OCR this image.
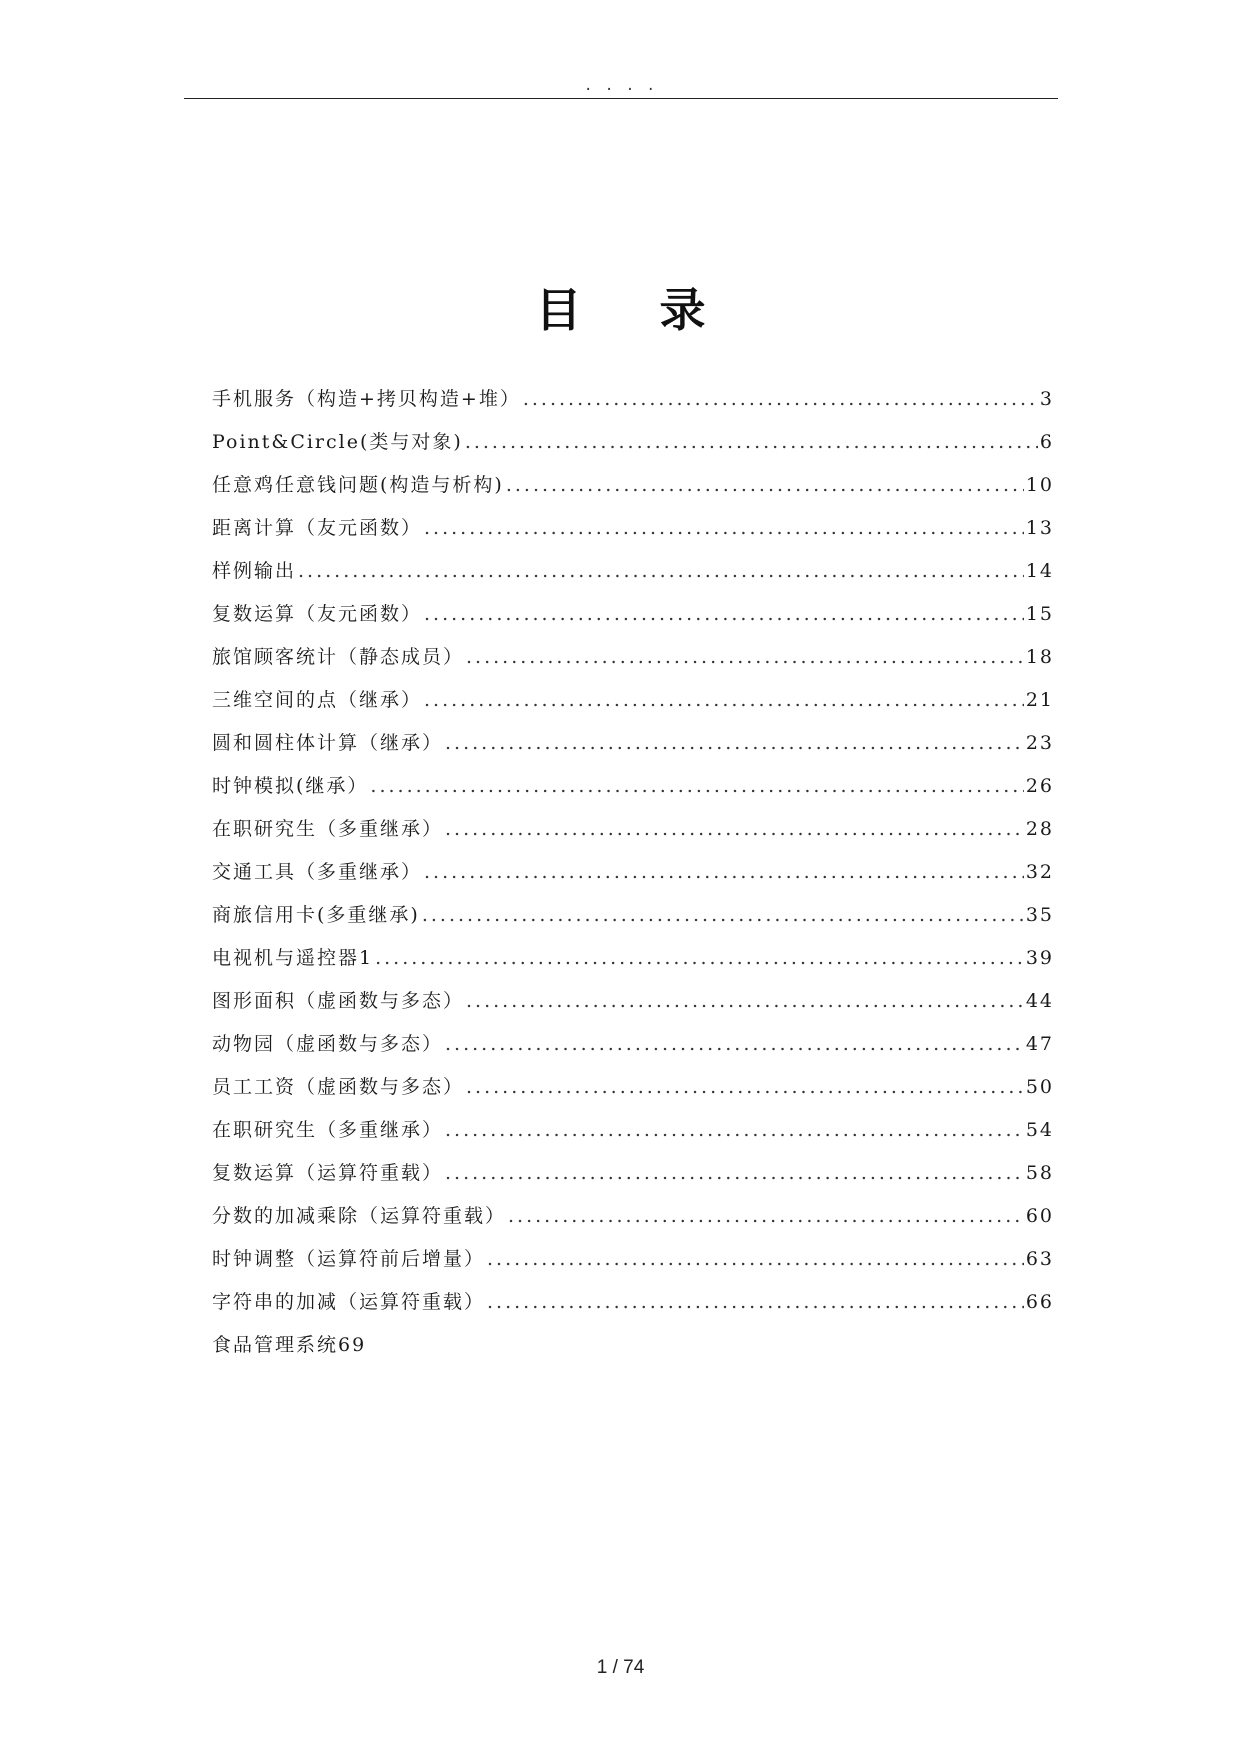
. . . .
目录
手机服务（构造+拷贝构造+堆） .....	3
Point&Circle(类与对象) .....	6
任意鸡任意钱问题(构造与析构) .....	10
距离计算（友元函数） .....	13
样例输出 .....	14
复数运算（友元函数） .....	15
旅馆顾客统计（静态成员） .....	18
三维空间的点（继承） .....	21
圆和圆柱体计算（继承） .....	23
时钟模拟(继承） .....	26
在职研究生（多重继承） .....	28
交通工具（多重继承） .....	32
商旅信用卡(多重继承) .....	35
电视机与遥控器1 .....	39
图形面积（虚函数与多态） .....	44
动物园（虚函数与多态） .....	47
员工工资（虚函数与多态） .....	50
在职研究生（多重继承） .....	54
复数运算（运算符重载） .....	58
分数的加减乘除（运算符重载） .....	60
时钟调整（运算符前后增量） .....	63
字符串的加减（运算符重载） .....	66
食品管理系统 69
1 / 74
